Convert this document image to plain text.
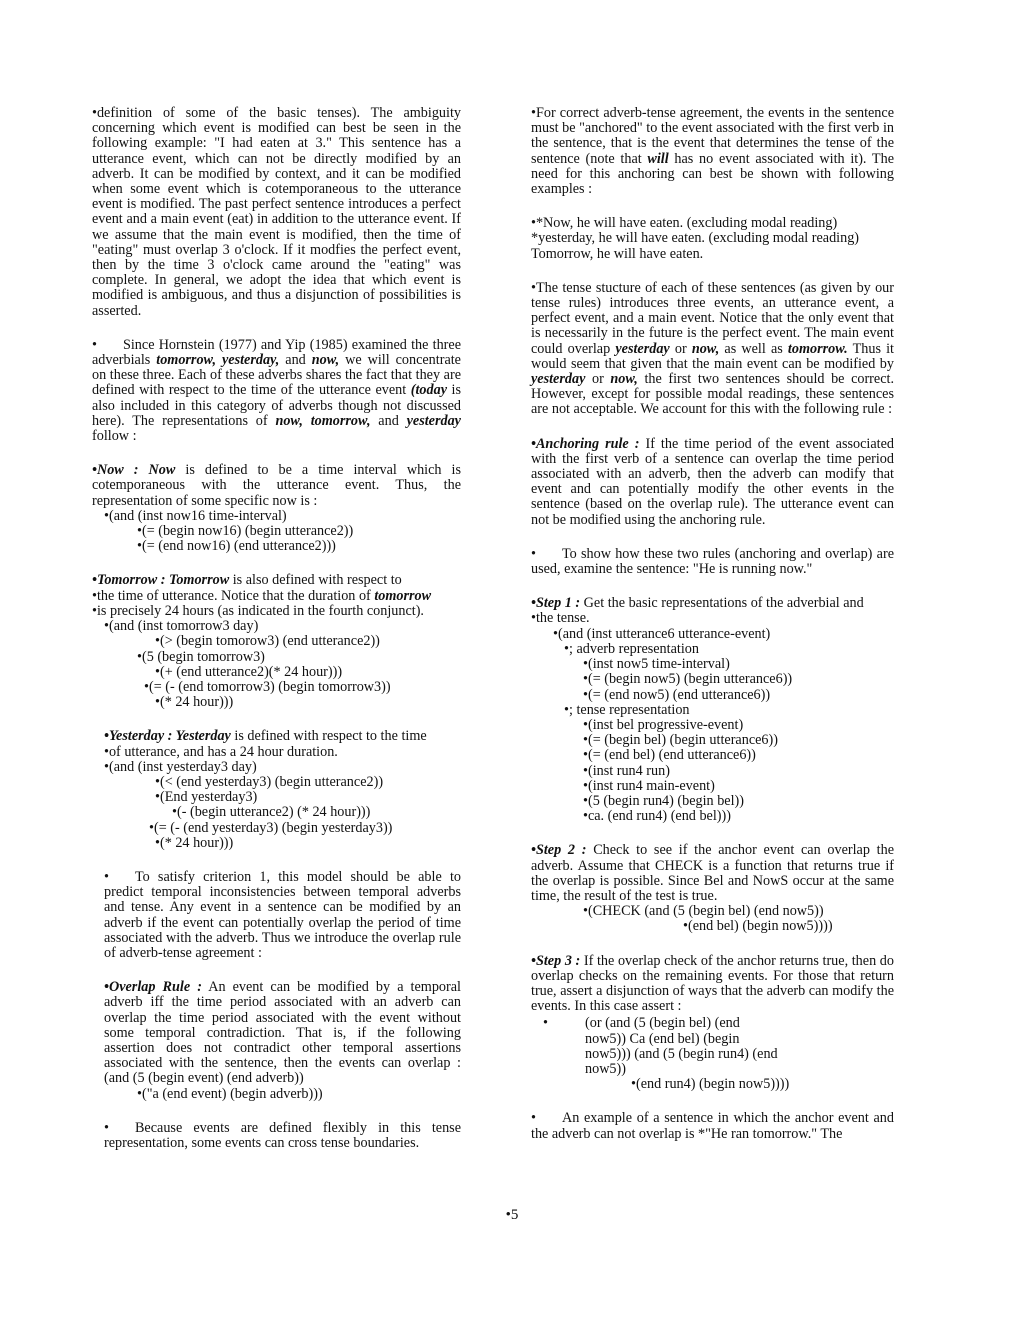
•definition of some of the basic tenses). The ambiguity concerning which event is modified can best be seen in the following example: "I had eaten at 3." This sentence has a utterance event, which can not be directly modified by an adverb. It can be modified by context, and it can be modified when some event which is cotemporaneous to the utterance event is modified. The past perfect sentence introduces a perfect event and a main event (eat) in addition to the utterance event. If we assume that the main event is modified, then the time of "eating" must overlap 3 o'clock. If it modfies the perfect event, then by the time 3 o'clock came around the "eating" was complete. In general, we adopt the idea that which event is modified is ambiguous, and thus a disjunction of possibilities is asserted.

• Since Hornstein (1977) and Yip (1985) examined the three adverbials tomorrow, yesterday, and now, we will concentrate on these three. Each of these adverbs shares the fact that they are defined with respect to the time of the utterance event (today is also included in this category of adverbs though not discussed here). The representations of now, tomorrow, and yesterday follow :

•Now : Now is defined to be a time interval which is cotemporaneous with the utterance event. Thus, the representation of some specific now is :

•(and (inst now16 time-interval)
•(= (begin now16) (begin utterance2))
•(= (end now16) (end utterance2)))
•Tomorrow : Tomorrow is also defined with respect to
•the time of utterance. Notice that the duration of tomorrow
•is precisely 24 hours (as indicated in the fourth conjunct).
•(and (inst tomorrow3 day)
•(> (begin tomorow3) (end utterance2))
•(5 (begin tomorrow3)
•(+ (end utterance2)(* 24 hour)))
•(= (- (end tomorrow3) (begin tomorrow3))
•(* 24 hour)))
•Yesterday : Yesterday is defined with respect to the time
•of utterance, and has a 24 hour duration.
•(and (inst yesterday3 day)
•(< (end yesterday3) (begin utterance2))
•(End yesterday3)
•(- (begin utterance2) (* 24 hour)))
•(= (- (end yesterday3) (begin yesterday3))
•(* 24 hour)))

• To satisfy criterion 1, this model should be able to predict temporal inconsistencies between temporal adverbs and tense. Any event in a sentence can be modified by an adverb if the event can potentially overlap the period of time associated with the adverb. Thus we introduce the overlap rule of adverb-tense agreement :

•Overlap Rule : An event can be modified by a temporal adverb iff the time period associated with an adverb can overlap the time period associated with the event without some temporal contradiction. That is, if the following assertion does not contradict other temporal assertions associated with the sentence, then the events can overlap : (and (5 (begin event) (end adverb))

•("a (end event) (begin adverb)))

• Because events are defined flexibly in this tense representation, some events can cross tense boundaries.

•For correct adverb-tense agreement, the events in the sentence must be "anchored" to the event associated with the first verb in the sentence, that is the event that determines the tense of the sentence (note that will has no event associated with it). The need for this anchoring can best be shown with following examples :

•*Now, he will have eaten. (excluding modal reading) *yesterday, he will have eaten. (excluding modal reading) Tomorrow, he will have eaten.

•The tense stucture of each of these sentences (as given by our tense rules) introduces three events, an utterance event, a perfect event, and a main event. Notice that the only event that is necessarily in the future is the perfect event. The main event could overlap yesterday or now, as well as tomorrow. Thus it would seem that given that the main event can be modified by yesterday or now, the first two sentences should be correct. However, except for possible modal readings, these sentences are not acceptable. We account for this with the following rule :

•Anchoring rule : If the time period of the event associated with the first verb of a sentence can overlap the time period associated with an adverb, then the adverb can modify that event and can potentially modify the other events in the sentence (based on the overlap rule). The utterance event can not be modified using the anchoring rule.

• To show how these two rules (anchoring and overlap) are used, examine the sentence: "He is running now."

•Step 1 : Get the basic representations of the adverbial and
•the tense.
•(and (inst utterance6 utterance-event)
•; adverb representation
•(inst now5 time-interval)
•(= (begin now5) (begin utterance6))
•(= (end now5) (end utterance6))
•; tense representation
•(inst bel progressive-event)
•(= (begin bel) (begin utterance6))
•(= (end bel) (end utterance6))
•(inst run4 run)
•(inst run4 main-event)
•(5 (begin run4) (begin bel))
•ca. (end run4) (end bel)))

•Step 2 : Check to see if the anchor event can overlap the adverb. Assume that CHECK is a function that returns true if the overlap is possible. Since Bel and NowS occur at the same time, the result of the test is true.

•(CHECK (and (5 (begin bel) (end now5))
•(end bel) (begin now5))))

•Step 3 : If the overlap check of the anchor returns true, then do overlap checks on the remaining events. For those that return true, assert a disjunction of ways that the adverb can modify the events. In this case assert :

•	(or (and (5 (begin bel) (end
now5)) Ca (end bel) (begin
now5))) (and (5 (begin run4) (end
now5))
•(end run4) (begin now5))))

• An example of a sentence in which the anchor event and the adverb can not overlap is *"He ran tomorrow." The

•5
